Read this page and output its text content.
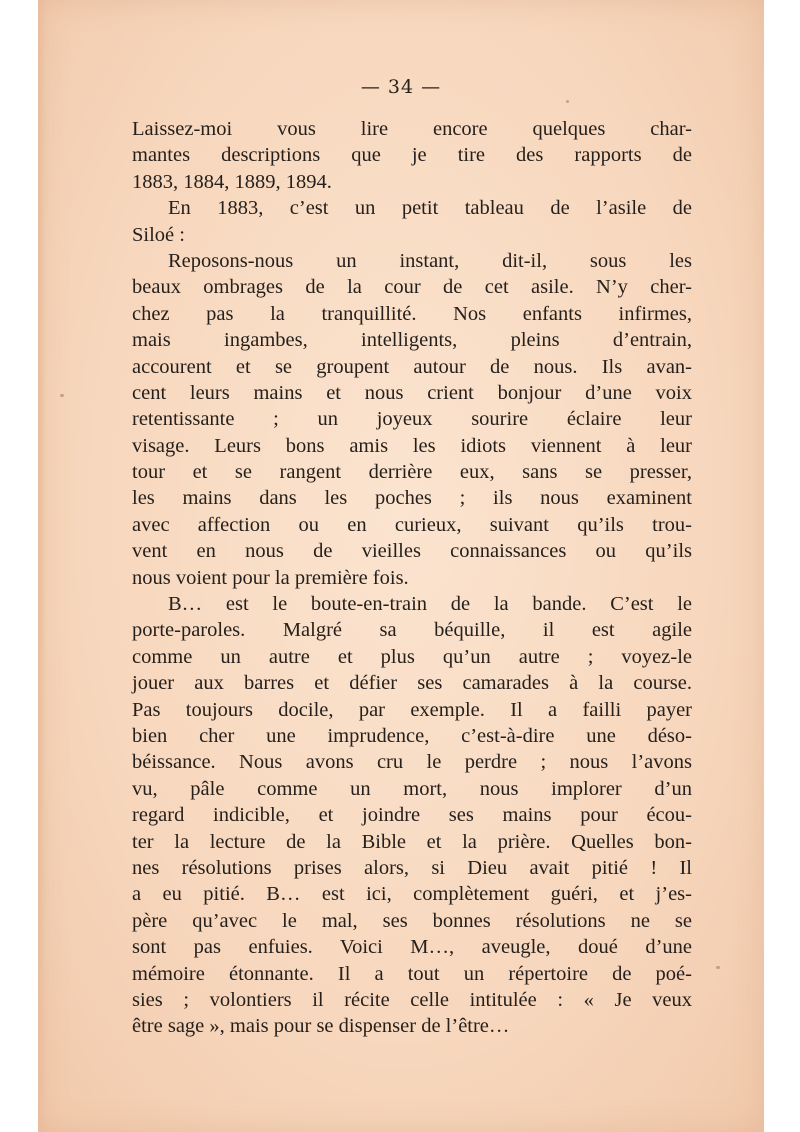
— 34 —
Laissez-moi vous lire encore quelques char-
mantes descriptions que je tire des rapports de
1883, 1884, 1889, 1894.
En 1883, c’est un petit tableau de l’asile de
Siloé :
Reposons-nous un instant, dit-il, sous les
beaux ombrages de la cour de cet asile. N’y cher-
chez pas la tranquillité. Nos enfants infirmes,
mais ingambes, intelligents, pleins d’entrain,
accourent et se groupent autour de nous. Ils avan-
cent leurs mains et nous crient bonjour d’une voix
retentissante ; un joyeux sourire éclaire leur
visage. Leurs bons amis les idiots viennent à leur
tour et se rangent derrière eux, sans se presser,
les mains dans les poches ; ils nous examinent
avec affection ou en curieux, suivant qu’ils trou-
vent en nous de vieilles connaissances ou qu’ils
nous voient pour la première fois.
B… est le boute-en-train de la bande. C’est le
porte-paroles. Malgré sa béquille, il est agile
comme un autre et plus qu’un autre ; voyez-le
jouer aux barres et défier ses camarades à la course.
Pas toujours docile, par exemple. Il a failli payer
bien cher une imprudence, c’est-à-dire une déso-
béissance. Nous avons cru le perdre ; nous l’avons
vu, pâle comme un mort, nous implorer d’un
regard indicible, et joindre ses mains pour écou-
ter la lecture de la Bible et la prière. Quelles bon-
nes résolutions prises alors, si Dieu avait pitié ! Il
a eu pitié. B… est ici, complètement guéri, et j’es-
père qu’avec le mal, ses bonnes résolutions ne se
sont pas enfuies. Voici M…, aveugle, doué d’une
mémoire étonnante. Il a tout un répertoire de poé-
sies ; volontiers il récite celle intitulée : « Je veux
être sage », mais pour se dispenser de l’être…
